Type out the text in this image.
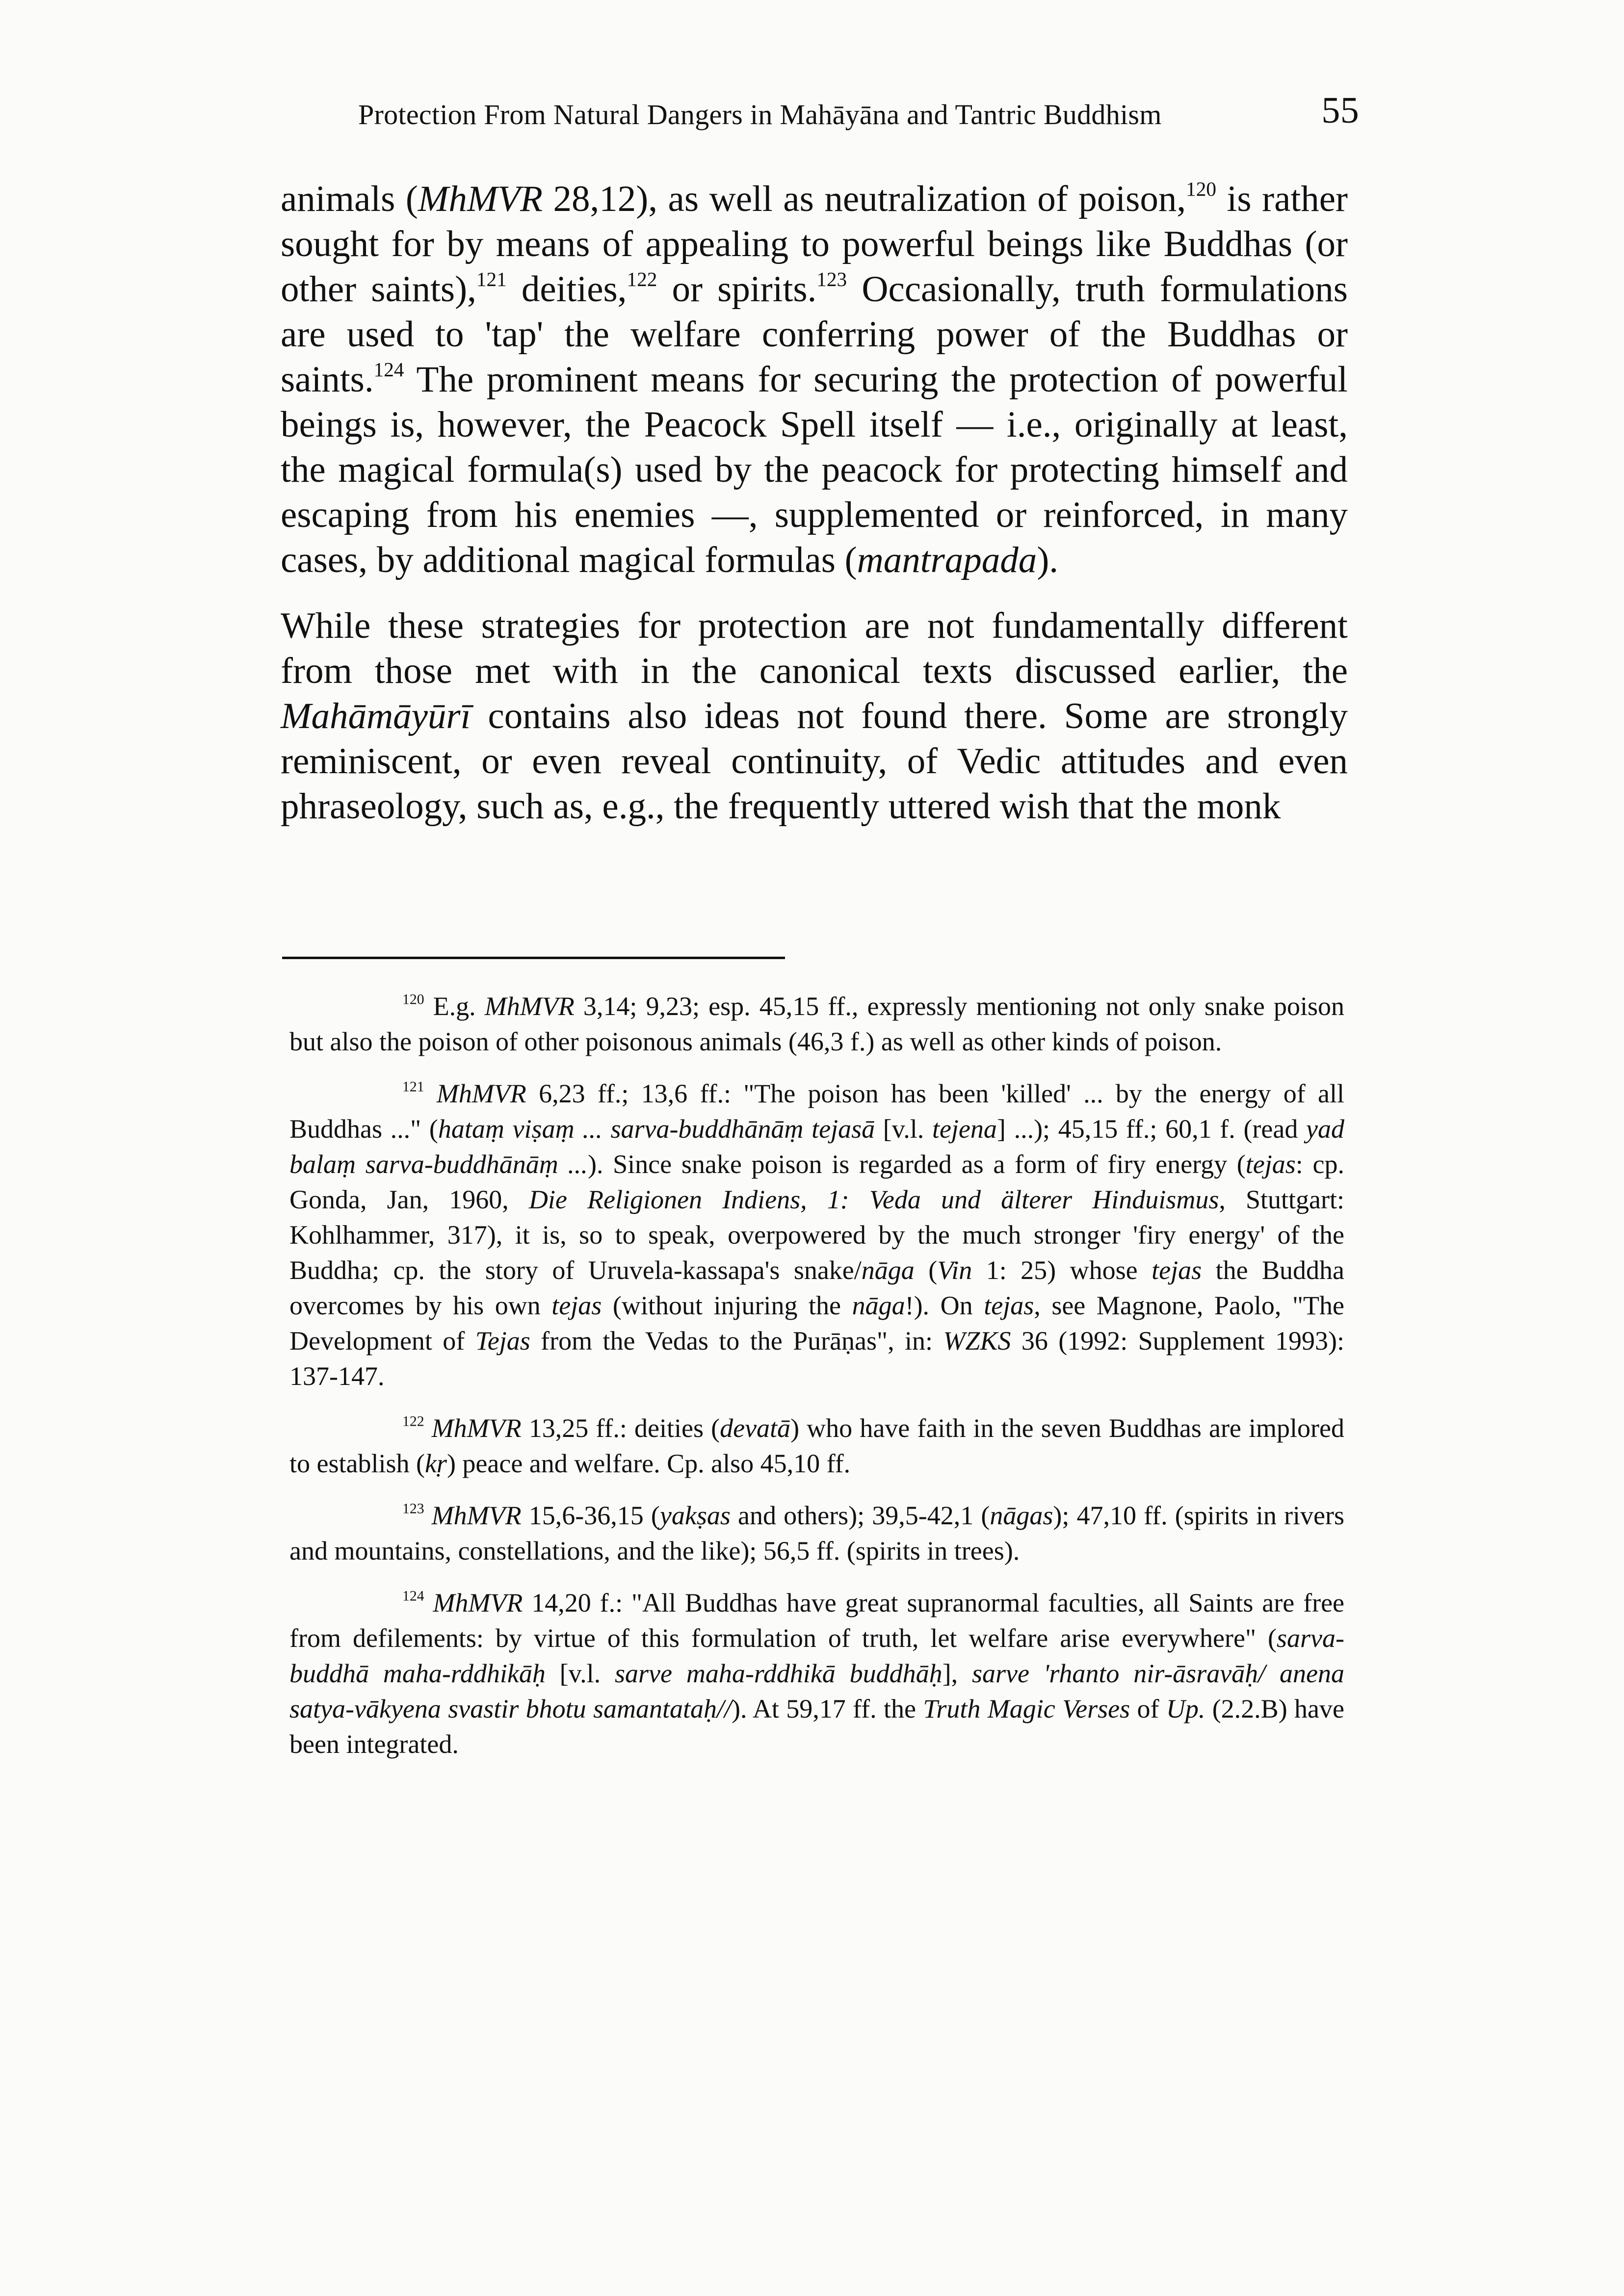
Protection From Natural Dangers in Mahāyāna and Tantric Buddhism	55

animals (MhMVR 28,12), as well as neutralization of poison,$^{120}$ is rather sought for by means of appealing to powerful beings like Buddhas (or other saints),$^{121}$ deities,$^{122}$ or spirits.$^{123}$ Occasionally, truth formulations are used to 'tap' the welfare conferring power of the Buddhas or saints.$^{124}$ The prominent means for securing the protection of powerful beings is, however, the Peacock Spell itself — i.e., originally at least, the magical formula(s) used by the peacock for protecting himself and escaping from his enemies —, supplemented or reinforced, in many cases, by additional magical formulas (mantrapada).

While these strategies for protection are not fundamentally different from those met with in the canonical texts discussed earlier, the Mahāmāyūrī contains also ideas not found there. Some are strongly reminiscent, or even reveal continuity, of Vedic attitudes and even phraseology, such as, e.g., the frequently uttered wish that the monk

$^{120}$ E.g. MhMVR 3,14; 9,23; esp. 45,15 ff., expressly mentioning not only snake poison but also the poison of other poisonous animals (46,3 f.) as well as other kinds of poison.

$^{121}$ MhMVR 6,23 ff.; 13,6 ff.: "The poison has been 'killed' ... by the energy of all Buddhas ..." (hataṃ viṣaṃ ... sarva-buddhānāṃ tejasā [v.l. tejena] ...); 45,15 ff.; 60,1 f. (read yad balaṃ sarva-buddhānāṃ ...). Since snake poison is regarded as a form of firy energy (tejas: cp. Gonda, Jan, 1960, Die Religionen Indiens, 1: Veda und älterer Hinduismus, Stuttgart: Kohlhammer, 317), it is, so to speak, overpowered by the much stronger 'firy energy' of the Buddha; cp. the story of Uruvela-kassapa's snake/nāga (Vin 1: 25) whose tejas the Buddha overcomes by his own tejas (without injuring the nāga!). On tejas, see Magnone, Paolo, "The Development of Tejas from the Vedas to the Purāṇas", in: WZKS 36 (1992: Supplement 1993): 137-147.

$^{122}$ MhMVR 13,25 ff.: deities (devatā) who have faith in the seven Buddhas are implored to establish (kṛ) peace and welfare. Cp. also 45,10 ff.

$^{123}$ MhMVR 15,6-36,15 (yakṣas and others); 39,5-42,1 (nāgas); 47,10 ff. (spirits in rivers and mountains, constellations, and the like); 56,5 ff. (spirits in trees).

$^{124}$ MhMVR 14,20 f.: "All Buddhas have great supranormal faculties, all Saints are free from defilements: by virtue of this formulation of truth, let welfare arise everywhere" (sarva-buddhā maha-rddhikāḥ [v.l. sarve maha-rddhikā buddhāḥ], sarve 'rhanto nir-āsravāḥ/ anena satya-vākyena svastir bhotu samantataḥ//). At 59,17 ff. the Truth Magic Verses of Up. (2.2.B) have been integrated.
